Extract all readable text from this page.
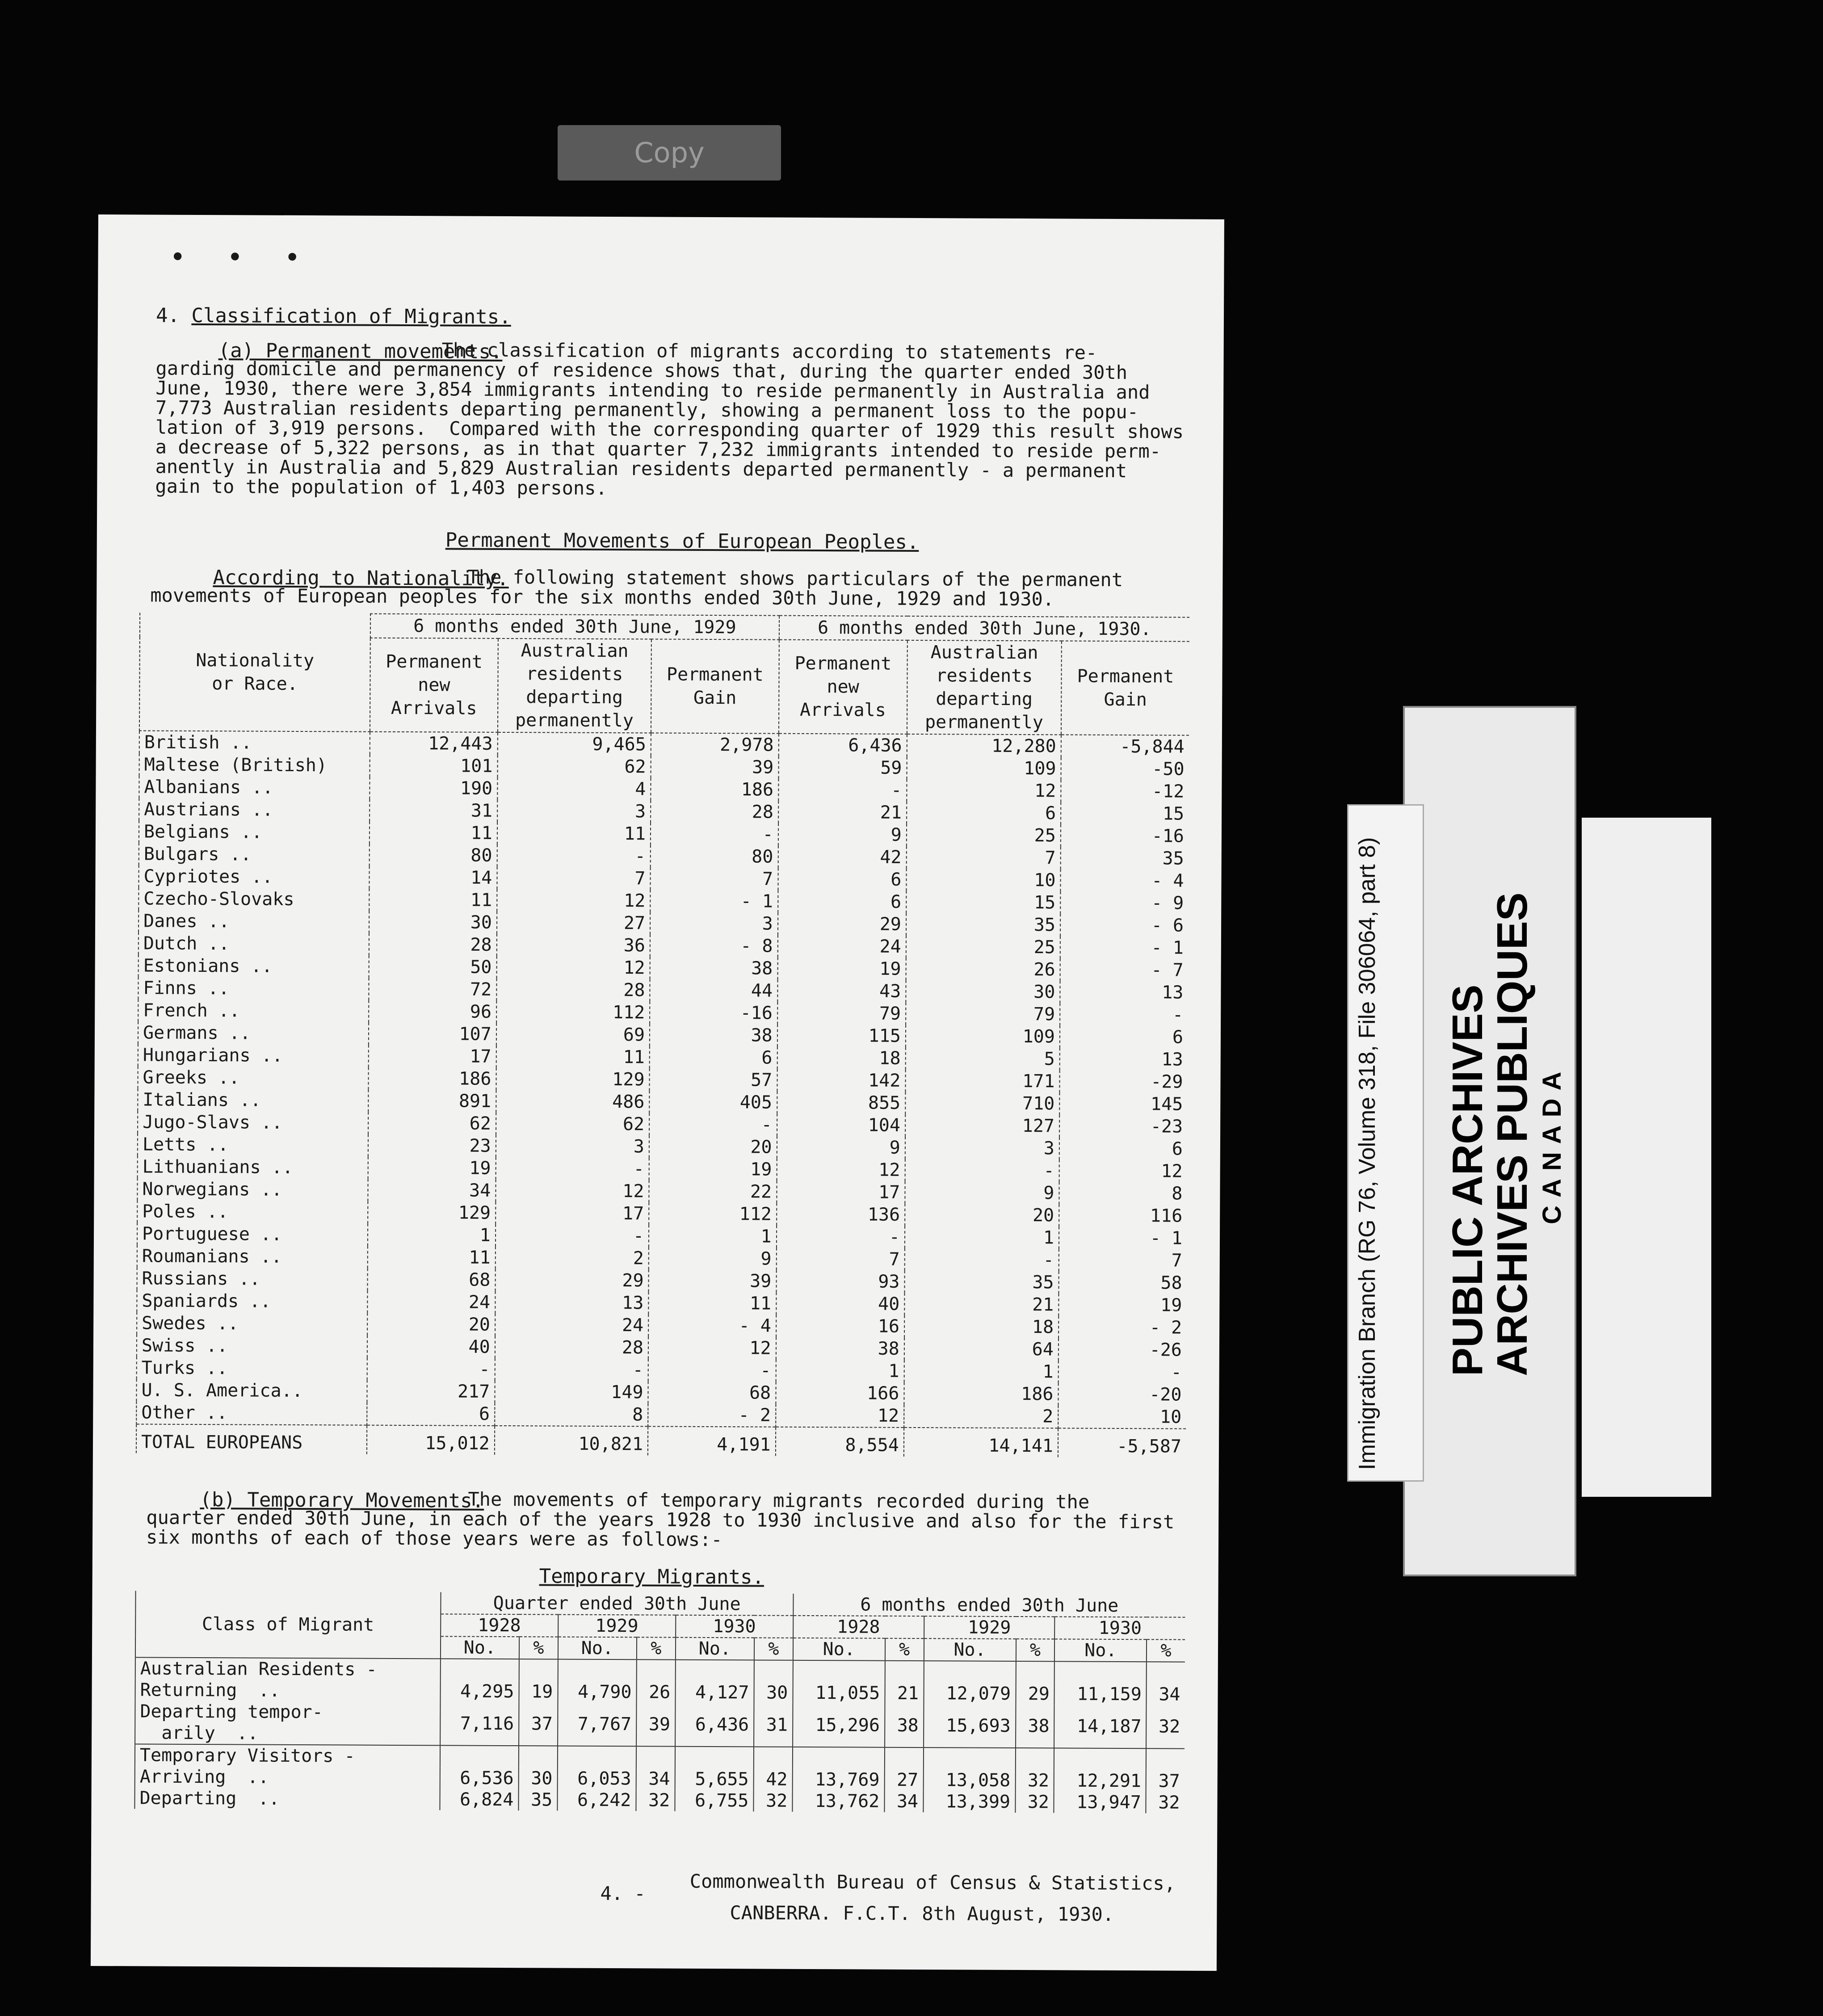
Copy
• • •
4. Classification of Migrants.
(a) Permanent movements.
The classification of migrants according to statements re-
garding domicile and permanency of residence shows that, during the quarter ended 30th
June, 1930, there were 3,854 immigrants intending to reside permanently in Australia and
7,773 Australian residents departing permanently, showing a permanent loss to the popu-
lation of 3,919 persons.  Compared with the corresponding quarter of 1929 this result shows
a decrease of 5,322 persons, as in that quarter 7,232 immigrants intended to reside perm-
anently in Australia and 5,829 Australian residents departed permanently - a permanent
gain to the population of 1,403 persons.
Permanent Movements of European Peoples.
According to Nationality.
The following statement shows particulars of the permanent
movements of European peoples for the six months ended 30th June, 1929 and 1930.
Nationality
or Race.	6 months ended 30th June, 1929			6 months ended 30th June, 1930.		
	Permanent
new
Arrivals	Australian
residents
departing
permanently	Permanent
Gain	Permanent
new
Arrivals	Australian
residents
departing
permanently	Permanent
Gain
British ..	12,443	9,465	2,978	6,436	12,280	-5,844
Maltese (British)	101	62	39	59	109	-50
Albanians ..	190	4	186	-	12	-12
Austrians ..	31	3	28	21	6	15
Belgians ..	11	11	-	9	25	-16
Bulgars ..	80	-	80	42	7	35
Cypriotes ..	14	7	7	6	10	- 4
Czecho-Slovaks	11	12	- 1	6	15	- 9
Danes ..	30	27	3	29	35	- 6
Dutch ..	28	36	- 8	24	25	- 1
Estonians ..	50	12	38	19	26	- 7
Finns ..	72	28	44	43	30	13
French ..	96	112	-16	79	79	-
Germans ..	107	69	38	115	109	6
Hungarians ..	17	11	6	18	5	13
Greeks ..	186	129	57	142	171	-29
Italians ..	891	486	405	855	710	145
Jugo-Slavs ..	62	62	-	104	127	-23
Letts ..	23	3	20	9	3	6
Lithuanians ..	19	-	19	12	-	12
Norwegians ..	34	12	22	17	9	8
Poles ..	129	17	112	136	20	116
Portuguese ..	1	-	1	-	1	- 1
Roumanians ..	11	2	9	7	-	7
Russians ..	68	29	39	93	35	58
Spaniards ..	24	13	11	40	21	19
Swedes ..	20	24	- 4	16	18	- 2
Swiss ..	40	28	12	38	64	-26
Turks ..	-	-	-	1	1	-
U. S. America..	217	149	68	166	186	-20
Other ..	6	8	- 2	12	2	10
TOTAL EUROPEANS	15,012	10,821	4,191	8,554	14,141	-5,587
(b) Temporary Movements.
The movements of temporary migrants recorded during the
quarter ended 30th June, in each of the years 1928 to 1930 inclusive and also for the first
six months of each of those years were as follows:-
Temporary Migrants.
Class of Migrant	Quarter ended 30th June						6 months ended 30th June					
	1928		1929		1930		1928		1929		1930	
	No.	%	No.	%	No.	%	No.	%	No.	%	No.	%
Australian Residents -												
Returning  ..	4,295	19	4,790	26	4,127	30	11,055	21	12,079	29	11,159	34
Departing tempor-
arily  ..	7,116	37	7,767	39	6,436	31	15,296	38	15,693	38	14,187	32
Temporary Visitors -												
Arriving  ..	6,536	30	6,053	34	5,655	42	13,769	27	13,058	32	12,291	37
Departing  ..	6,824	35	6,242	32	6,755	32	13,762	34	13,399	32	13,947	32
4. - Commonwealth Bureau of Census & Statistics,
CANBERRA. F.C.T. 8th August, 1930.
Immigration Branch (RG 76, Volume 318, File 306064, part 8) PUBLIC ARCHIVES
ARCHIVES PUBLIQUES CANADA
